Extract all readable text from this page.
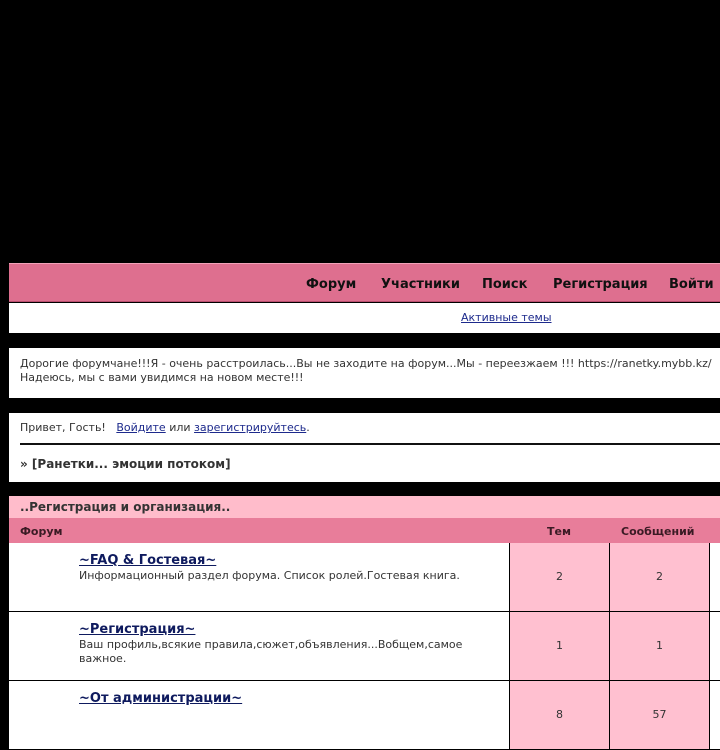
Форум Участники Поиск Регистрация Войти
Активные темы

Дорогие форумчане!!!Я - очень расстроилась...Вы не заходите на форум...Мы - переезжаем !!! https://ranetky.mybb.kz/ Надеюсь, мы с вами увидимся на новом месте!!!

Привет, Гость! Войдите или зарегистрируйтесь.
» [Ранетки... эмоции потоком]
..Регистрация и организация..
Форум	Тем	Сообщений
~FAQ & Гостевая~

Информационный раздел форума. Список ролей.Гостевая книга.	2	2
~Регистрация~

Ваш профиль,всякие правила,сюжет,объявления...Вобщем,самое важное.

1	1
~От администрации~

8	57
